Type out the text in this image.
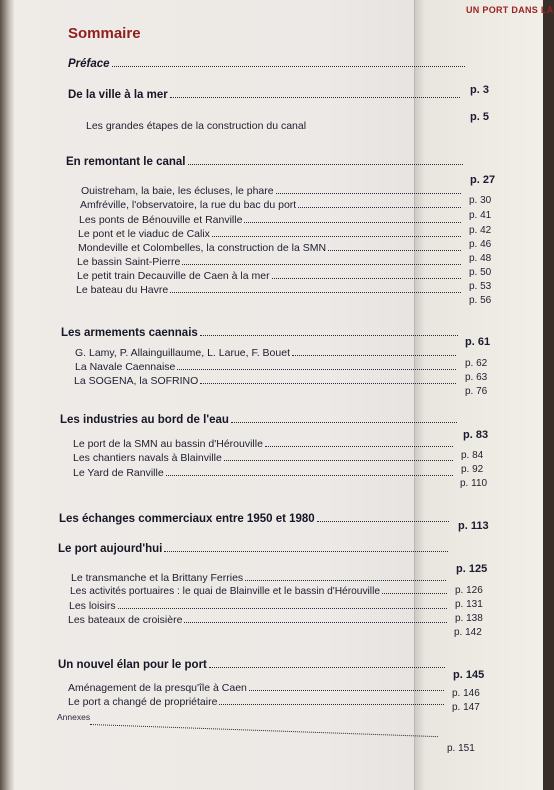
UN PORT DANS LA
Sommaire
Préface
p. 3
De la ville à la mer
p. 5
Les grandes étapes de la construction du canal
En remontant le canal
p. 27
Ouistreham, la baie, les écluses, le phare
p. 30
Amfréville, l'observatoire, la rue du bac du port
p. 41
Les ponts de Bénouville et Ranville
p. 42
Le pont et le viaduc de Calix
p. 46
Mondeville et Colombelles, la construction de la SMN
p. 48
Le bassin Saint-Pierre
p. 50
Le petit train Decauville de Caen à la mer
p. 53
Le bateau du Havre
p. 56
Les armements caennais
p. 61
G. Lamy, P. Allainguillaume, L. Larue, F. Bouet
p. 62
La Navale Caennaise
p. 63
La SOGENA, la SOFRINO
p. 76
Les industries au bord de l'eau
p. 83
Le port de la SMN au bassin d'Hérouville
p. 84
Les chantiers navals à Blainville
p. 92
Le Yard de Ranville
p. 110
Les échanges commerciaux entre 1950 et 1980
p. 113
Le port aujourd'hui
p. 125
Le transmanche et la Brittany Ferries
p. 126
Les activités portuaires : le quai de Blainville et le bassin d'Hérouville
p. 131
Les loisirs
p. 138
Les bateaux de croisière
p. 142
Un nouvel élan pour le port
p. 145
Aménagement de la presqu'île à Caen	p. 146
Le port a changé de propriétaire	p. 147
Annexes
p. 151
